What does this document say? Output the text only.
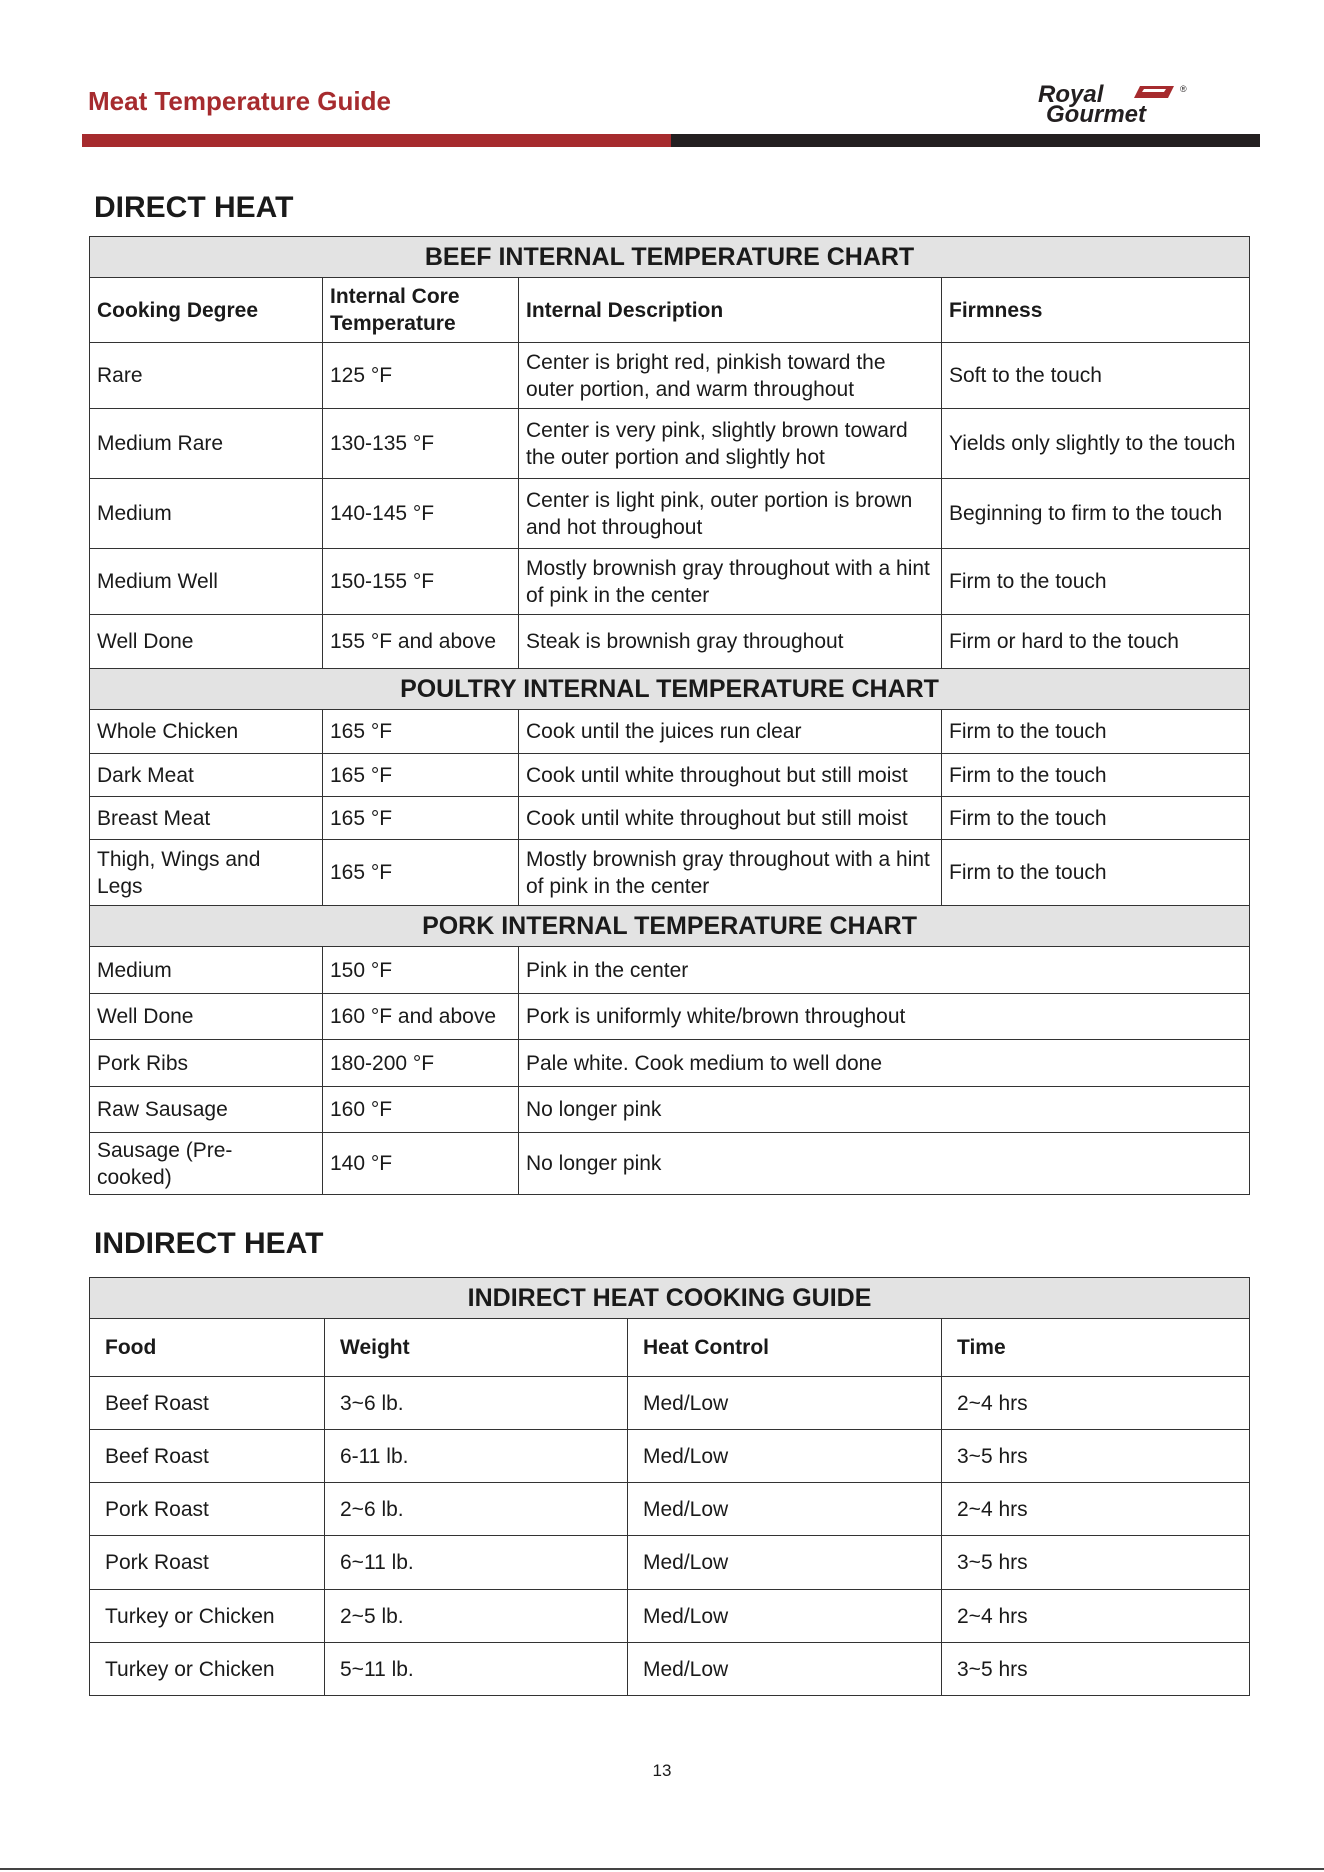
Meat Temperature Guide	Royal	®
Gourmet
DIRECT HEAT
BEEF INTERNAL TEMPERATURE CHART			
Cooking Degree	Internal Core Temperature	Internal Description	Firmness
Rare	125 °F	Center is bright red, pinkish toward the outer portion, and warm throughout	Soft to the touch
Medium Rare	130-135 °F	Center is very pink, slightly brown toward the outer portion and slightly hot	Yields only slightly to the touch
Medium	140-145 °F	Center is light pink, outer portion is brown and hot throughout	Beginning to firm to the touch
Medium Well	150-155 °F	Mostly brownish gray throughout with a hint of pink in the center	Firm to the touch
Well Done	155 °F and above	Steak is brownish gray throughout	Firm or hard to the touch
POULTRY INTERNAL TEMPERATURE CHART			
Whole Chicken	165 °F	Cook until the juices run clear	Firm to the touch
Dark Meat	165 °F	Cook until white throughout but still moist	Firm to the touch
Breast Meat	165 °F	Cook until white throughout but still moist	Firm to the touch
Thigh, Wings and Legs	165 °F	Mostly brownish gray throughout with a hint of pink in the center	Firm to the touch
PORK INTERNAL TEMPERATURE CHART			
Medium	150 °F	Pink in the center	
Well Done	160 °F and above	Pork is uniformly white/brown throughout	
Pork Ribs	180-200 °F	Pale white. Cook medium to well done	
Raw Sausage	160 °F	No longer pink	
Sausage (Pre-cooked)	140 °F	No longer pink	
INDIRECT HEAT
INDIRECT HEAT COOKING GUIDE			
Food	Weight	Heat Control	Time
Beef Roast	3~6 lb.	Med/Low	2~4 hrs
Beef Roast	6-11 lb.	Med/Low	3~5 hrs
Pork Roast	2~6 lb.	Med/Low	2~4 hrs
Pork Roast	6~11 lb.	Med/Low	3~5 hrs
Turkey or Chicken	2~5 lb.	Med/Low	2~4 hrs
Turkey or Chicken	5~11 lb.	Med/Low	3~5 hrs
13
